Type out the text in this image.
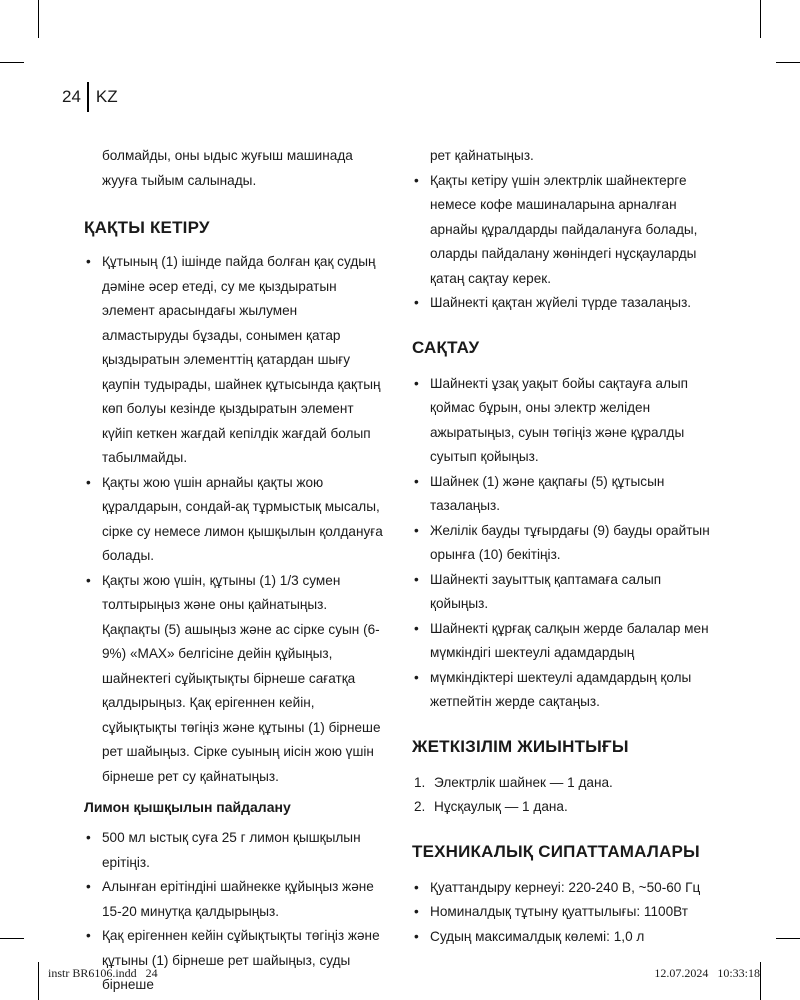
24 KZ

болмайды, оны ыдыс жуғыш машинада жууға тыйым салынады.

ҚАҚТЫ КЕТІРУ
• Құтының (1) ішінде пайда болған қақ судың дәміне әсер етеді, су ме қыздыратын элемент арасындағы жылумен алмастыруды бұзады, сонымен қатар қыздыратын элементтің қатардан шығу қаупін тудырады, шайнек құтысында қақтың көп болуы кезінде қыздыратын элемент күйіп кеткен жағдай кепілдік жағдай болып табылмайды.
• Қақты жою үшін арнайы қақты жою құралдарын, сондай-ақ тұрмыстық мысалы, сірке су немесе лимон қышқылын қолдануға болады.
• Қақты жою үшін, құтыны (1) 1/3 сумен толтырыңыз және оны қайнатыңыз. Қақпақты (5) ашыңыз және ас сірке суын (6-9%) «MAX» белгісіне дейін құйыңыз, шайнектегі сұйықтықты бірнеше сағатқа қалдырыңыз. Қақ ерігеннен кейін, сұйықтықты төгіңіз және құтыны (1) бірнеше рет шайыңыз. Сірке суының иісін жою үшін бірнеше рет су қайнатыңыз.
Лимон қышқылын пайдалану
• 500 мл ыстық суға 25 г лимон қышқылын ерітіңіз.
• Алынған ерітіндіні шайнекке құйыңыз және 15-20 минутқа қалдырыңыз.
• Қақ ерігеннен кейін сұйықтықты төгіңіз және құтыны (1) бірнеше рет шайыңыз, суды бірнеше

рет қайнатыңыз.

• Қақты кетіру үшін электрлік шайнектерге немесе кофе машиналарына арналған арнайы құралдарды пайдалануға болады, оларды пайдалану жөніндегі нұсқауларды қатаң сақтау керек.
• Шайнекті қақтан жүйелі түрде тазалаңыз.
САҚТАУ
• Шайнекті ұзақ уақыт бойы сақтауға алып қоймас бұрын, оны электр желіден ажыратыңыз, суын төгіңіз және құралды суытып қойыңыз.
• Шайнек (1) және қақпағы (5) құтысын тазалаңыз.
• Желілік бауды тұғырдағы (9) бауды орайтын орынға (10) бекітіңіз.
• Шайнекті зауыттық қаптамаға салып қойыңыз.
• Шайнекті құрғақ салқын жерде балалар мен мүмкіндігі шектеулі адамдардың
• мүмкіндіктері шектеулі адамдардың қолы жетпейтін жерде сақтаңыз.
ЖЕТКІЗІЛІМ ЖИЫНТЫҒЫ
1. Электрлік шайнек — 1 дана.
2. Нұсқаулық — 1 дана.
ТЕХНИКАЛЫҚ СИПАТТАМАЛАРЫ
• Қуаттандыру кернеуі: 220-240 В, ~50-60 Гц
• Номиналдық тұтыну қуаттылығы: 1100Вт
• Судың максималдық көлемі: 1,0 л
instr BR6106.indd   24	12.07.2024   10:33:18
